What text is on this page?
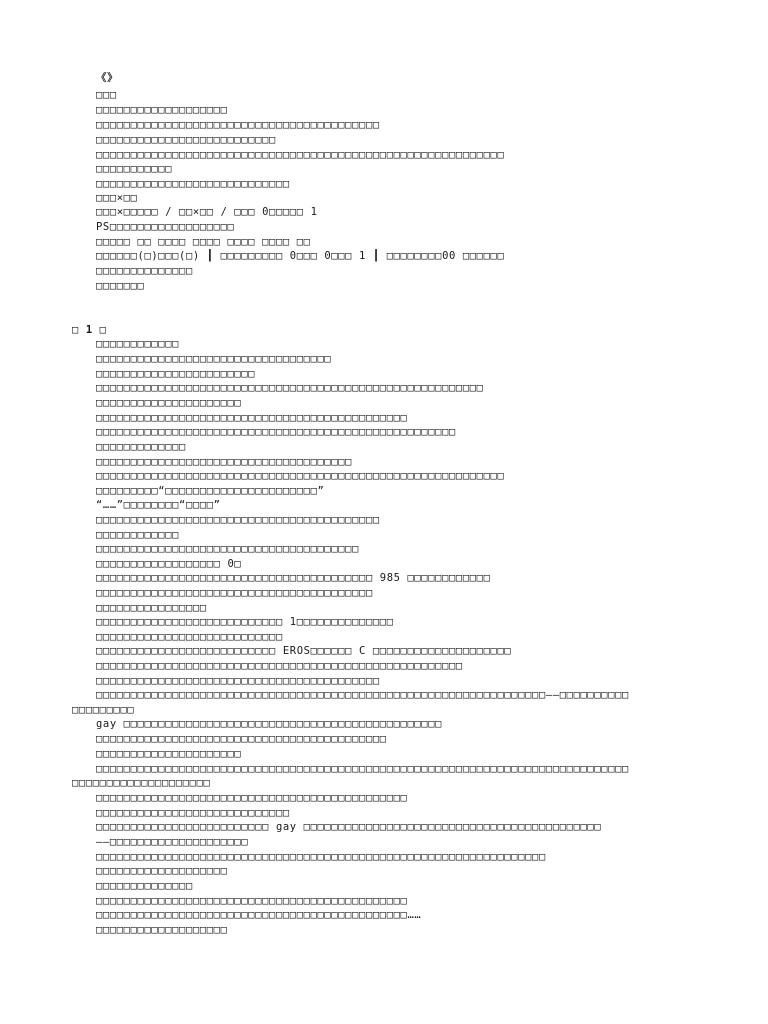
《》
□□□
□□□□□□□□□□□□□□□□□□□
□□□□□□□□□□□□□□□□□□□□□□□□□□□□□□□□□□□□□□□□□
□□□□□□□□□□□□□□□□□□□□□□□□□□
□□□□□□□□□□□□□□□□□□□□□□□□□□□□□□□□□□□□□□□□□□□□□□□□□□□□□□□□□□□
□□□□□□□□□□□
□□□□□□□□□□□□□□□□□□□□□□□□□□□□
□□□×□□
□□□×□□□□□ / □□×□□ / □□□ 0□□□□□ 1
PS□□□□□□□□□□□□□□□□□□
□□□□□ □□ □□□□ □□□□ □□□□ □□□□ □□
□□□□□□(□)□□□(□) ┃ □□□□□□□□□ 0□□□ 0□□□ 1 ┃ □□□□□□□□00 □□□□□□
□□□□□□□□□□□□□□
□□□□□□□
□ 1 □
□□□□□□□□□□□□
□□□□□□□□□□□□□□□□□□□□□□□□□□□□□□□□□□
□□□□□□□□□□□□□□□□□□□□□□□
□□□□□□□□□□□□□□□□□□□□□□□□□□□□□□□□□□□□□□□□□□□□□□□□□□□□□□□□
□□□□□□□□□□□□□□□□□□□□□
□□□□□□□□□□□□□□□□□□□□□□□□□□□□□□□□□□□□□□□□□□□□□
□□□□□□□□□□□□□□□□□□□□□□□□□□□□□□□□□□□□□□□□□□□□□□□□□□□□
□□□□□□□□□□□□□
□□□□□□□□□□□□□□□□□□□□□□□□□□□□□□□□□□□□□
□□□□□□□□□□□□□□□□□□□□□□□□□□□□□□□□□□□□□□□□□□□□□□□□□□□□□□□□□□□
□□□□□□□□□“□□□□□□□□□□□□□□□□□□□□□□”
“……”□□□□□□□□“□□□□”
□□□□□□□□□□□□□□□□□□□□□□□□□□□□□□□□□□□□□□□□□
□□□□□□□□□□□□
□□□□□□□□□□□□□□□□□□□□□□□□□□□□□□□□□□□□□□
□□□□□□□□□□□□□□□□□□ 0□
□□□□□□□□□□□□□□□□□□□□□□□□□□□□□□□□□□□□□□□□ 985 □□□□□□□□□□□□
□□□□□□□□□□□□□□□□□□□□□□□□□□□□□□□□□□□□□□□□
□□□□□□□□□□□□□□□□
□□□□□□□□□□□□□□□□□□□□□□□□□□□ 1□□□□□□□□□□□□□□
□□□□□□□□□□□□□□□□□□□□□□□□□□□
□□□□□□□□□□□□□□□□□□□□□□□□□□ EROS□□□□□□ C □□□□□□□□□□□□□□□□□□□□
□□□□□□□□□□□□□□□□□□□□□□□□□□□□□□□□□□□□□□□□□□□□□□□□□□□□□
□□□□□□□□□□□□□□□□□□□□□□□□□□□□□□□□□□□□□□□□□
□□□□□□□□□□□□□□□□□□□□□□□□□□□□□□□□□□□□□□□□□□□□□□□□□□□□□□□□□□□□□□□□□——□□□□□□□□□□
□□□□□□□□□
gay □□□□□□□□□□□□□□□□□□□□□□□□□□□□□□□□□□□□□□□□□□□□□□
□□□□□□□□□□□□□□□□□□□□□□□□□□□□□□□□□□□□□□□□□□
□□□□□□□□□□□□□□□□□□□□□
□□□□□□□□□□□□□□□□□□□□□□□□□□□□□□□□□□□□□□□□□□□□□□□□□□□□□□□□□□□□□□□□□□□□□□□□□□□□□
□□□□□□□□□□□□□□□□□□□□
□□□□□□□□□□□□□□□□□□□□□□□□□□□□□□□□□□□□□□□□□□□□□
□□□□□□□□□□□□□□□□□□□□□□□□□□□□
□□□□□□□□□□□□□□□□□□□□□□□□□ gay □□□□□□□□□□□□□□□□□□□□□□□□□□□□□□□□□□□□□□□□□□□
——□□□□□□□□□□□□□□□□□□□□
□□□□□□□□□□□□□□□□□□□□□□□□□□□□□□□□□□□□□□□□□□□□□□□□□□□□□□□□□□□□□□□□□
□□□□□□□□□□□□□□□□□□□
□□□□□□□□□□□□□□
□□□□□□□□□□□□□□□□□□□□□□□□□□□□□□□□□□□□□□□□□□□□□
□□□□□□□□□□□□□□□□□□□□□□□□□□□□□□□□□□□□□□□□□□□□□……
□□□□□□□□□□□□□□□□□□□
